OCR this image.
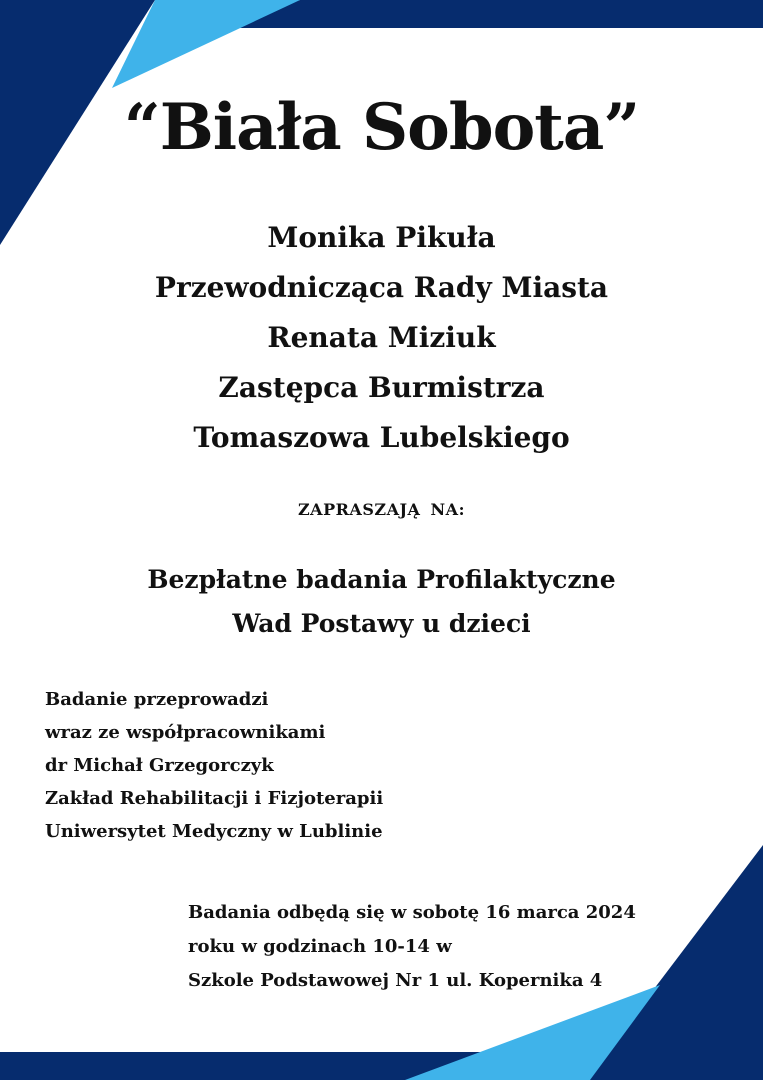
“Biała Sobota”
Monika Pikuła
Przewodnicząca Rady Miasta
Renata Miziuk
Zastępca Burmistrza
Tomaszowa Lubelskiego
ZAPRASZAJĄ NA:
Bezpłatne badania Profilaktyczne
Wad Postawy u dzieci
Badanie przeprowadzi
wraz ze współpracownikami
dr Michał Grzegorczyk
Zakład Rehabilitacji i Fizjoterapii
Uniwersytet Medyczny w Lublinie
Badania odbędą się w sobotę 16 marca 2024
roku w godzinach 10-14 w
Szkole Podstawowej Nr 1 ul. Kopernika 4
